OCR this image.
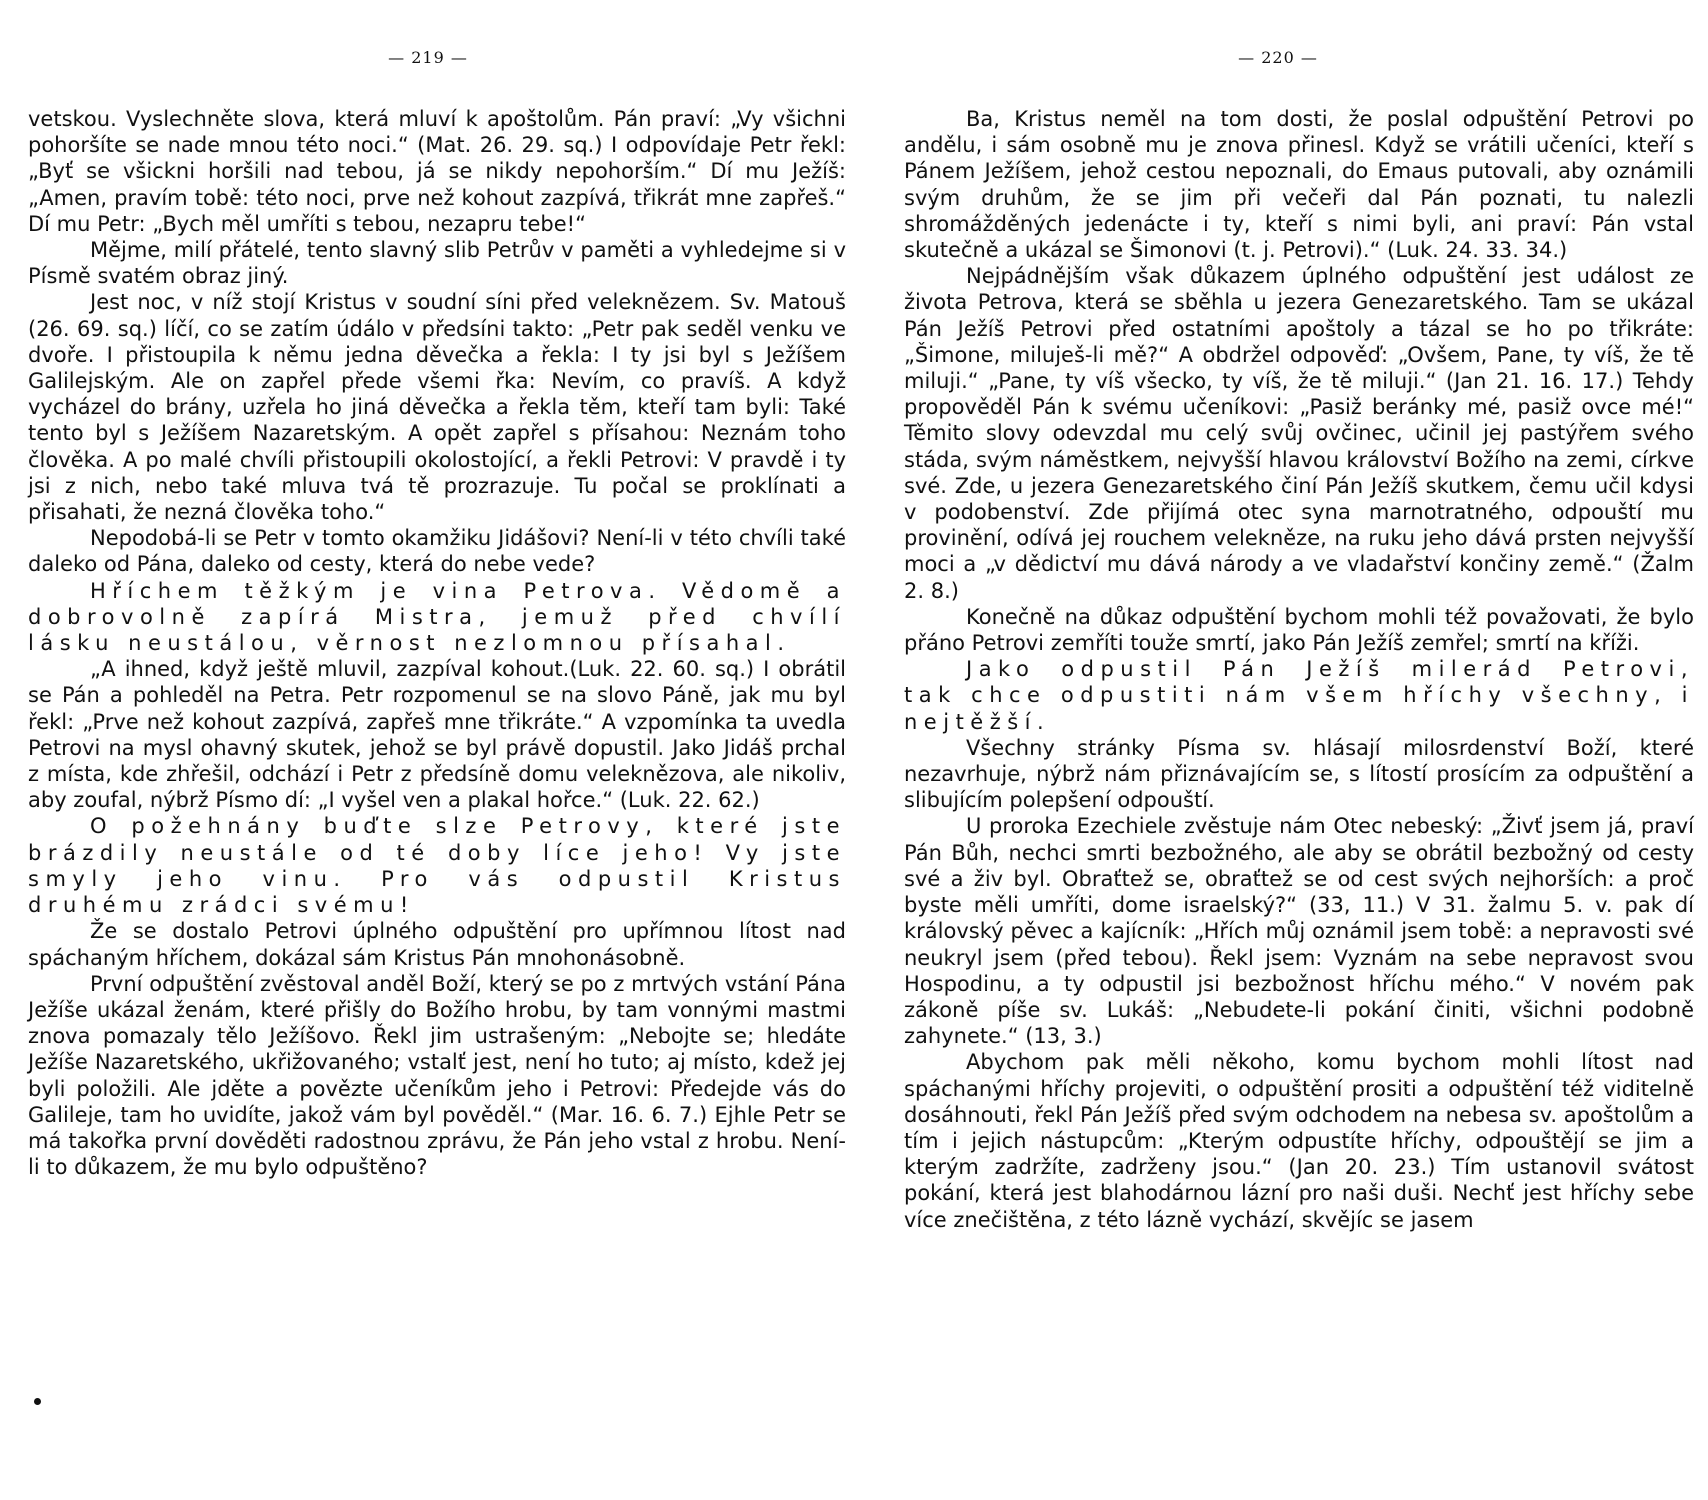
— 219 —

vetskou. Vyslechněte slova, která mluví k apoštolům. Pán praví: „Vy všichni pohoršíte se nade mnou této noci.“ (Mat. 26. 29. sq.) I odpovídaje Petr řekl: „Byť se všickni horšili nad tebou, já se nikdy nepohorším.“ Dí mu Ježíš: „Amen, pravím tobě: této noci, prve než kohout zazpívá, třikrát mne zapřeš.“ Dí mu Petr: „Bych měl umříti s tebou, nezapru tebe!“

Mějme, milí přátelé, tento slavný slib Petrův v paměti a vyhledejme si v Písmě svatém obraz jiný.

Jest noc, v níž stojí Kristus v soudní síni před veleknězem. Sv. Matouš (26. 69. sq.) líčí, co se zatím údálo v předsíni takto: „Petr pak seděl venku ve dvoře. I přistoupila k němu jedna děvečka a řekla: I ty jsi byl s Ježíšem Galilejským. Ale on zapřel přede všemi řka: Nevím, co pravíš. A když vycházel do brány, uzřela ho jiná děvečka a řekla těm, kteří tam byli: Také tento byl s Ježíšem Nazaretským. A opět zapřel s přísahou: Neznám toho člověka. A po malé chvíli přistoupili okolostojící, a řekli Petrovi: V pravdě i ty jsi z nich, nebo také mluva tvá tě prozrazuje. Tu počal se proklínati a přisahati, že nezná člověka toho.“

Nepodobá-li se Petr v tomto okamžiku Jidášovi? Není-li v této chvíli také daleko od Pána, daleko od cesty, která do nebe vede?

Hříchem těžkým je vina Petrova. Vědomě a dobrovolně zapírá Mistra, jemuž před chvílí lásku neustálou, věrnost nezlomnou přísahal.

„A ihned, když ještě mluvil, zazpíval kohout.(Luk. 22. 60. sq.) I obrátil se Pán a pohleděl na Petra. Petr rozpomenul se na slovo Páně, jak mu byl řekl: „Prve než kohout zazpívá, zapřeš mne třikráte.“ A vzpomínka ta uvedla Petrovi na mysl ohavný skutek, jehož se byl právě dopustil. Jako Jidáš prchal z místa, kde zhřešil, odchází i Petr z předsíně domu veleknězova, ale nikoliv, aby zoufal, nýbrž Písmo dí: „I vyšel ven a plakal hořce.“ (Luk. 22. 62.)

O požehnány buďte slze Petrovy, které jste brázdily neustále od té doby líce jeho! Vy jste smyly jeho vinu. Pro vás odpustil Kristus druhému zrádci svému!

Že se dostalo Petrovi úplného odpuštění pro upřímnou lítost nad spáchaným hříchem, dokázal sám Kristus Pán mnohonásobně.

První odpuštění zvěstoval anděl Boží, který se po z mrtvých vstání Pána Ježíše ukázal ženám, které přišly do Božího hrobu, by tam vonnými mastmi znova pomazaly tělo Ježíšovo. Řekl jim ustrašeným: „Nebojte se; hledáte Ježíše Nazaretského, ukřižovaného; vstalť jest, není ho tuto; aj místo, kdež jej byli položili. Ale jděte a povězte učeníkům jeho i Petrovi: Předejde vás do Galileje, tam ho uvidíte, jakož vám byl pověděl.“ (Mar. 16. 6. 7.) Ejhle Petr se má takořka první dověděti radostnou zprávu, že Pán jeho vstal z hrobu. Není-li to důkazem, že mu bylo odpuštěno?

— 220 —

Ba, Kristus neměl na tom dosti, že poslal odpuštění Petrovi po andělu, i sám osobně mu je znova přinesl. Když se vrátili učeníci, kteří s Pánem Ježíšem, jehož cestou nepoznali, do Emaus putovali, aby oznámili svým druhům, že se jim při večeři dal Pán poznati, tu nalezli shromážděných jedenácte i ty, kteří s nimi byli, ani praví: Pán vstal skutečně a ukázal se Šimonovi (t. j. Petrovi).“ (Luk. 24. 33. 34.)

Nejpádnějším však důkazem úplného odpuštění jest událost ze života Petrova, která se sběhla u jezera Genezaretského. Tam se ukázal Pán Ježíš Petrovi před ostatními apoštoly a tázal se ho po třikráte: „Šimone, miluješ-li mě?“ A obdržel odpověď: „Ovšem, Pane, ty víš, že tě miluji.“ „Pane, ty víš všecko, ty víš, že tě miluji.“ (Jan 21. 16. 17.) Tehdy propověděl Pán k svému učeníkovi: „Pasiž beránky mé, pasiž ovce mé!“ Těmito slovy odevzdal mu celý svůj ovčinec, učinil jej pastýřem svého stáda, svým náměstkem, nejvyšší hlavou království Božího na zemi, církve své. Zde, u jezera Genezaretského činí Pán Ježíš skutkem, čemu učil kdysi v podobenství. Zde přijímá otec syna marnotratného, odpouští mu provinění, odívá jej rouchem velekněze, na ruku jeho dává prsten nejvyšší moci a „v dědictví mu dává národy a ve vladařství končiny země.“ (Žalm 2. 8.)

Konečně na důkaz odpuštění bychom mohli též považovati, že bylo přáno Petrovi zemříti touže smrtí, jako Pán Ježíš zemřel; smrtí na kříži.

Jako odpustil Pán Ježíš milerád Petrovi, tak chce odpustiti nám všem hříchy všechny, i nejtěžší.

Všechny stránky Písma sv. hlásají milosrdenství Boží, které nezavrhuje, nýbrž nám přiznávajícím se, s lítostí prosícím za odpuštění a slibujícím polepšení odpouští.

U proroka Ezechiele zvěstuje nám Otec nebeský: „Živť jsem já, praví Pán Bůh, nechci smrti bezbožného, ale aby se obrátil bezbožný od cesty své a živ byl. Obraťtež se, obraťtež se od cest svých nejhorších: a proč byste měli umříti, dome israelský?“ (33, 11.) V 31. žalmu 5. v. pak dí královský pěvec a kajícník: „Hřích můj oznámil jsem tobě: a nepravosti své neukryl jsem (před tebou). Řekl jsem: Vyznám na sebe nepravost svou Hospodinu, a ty odpustil jsi bezbožnost hříchu mého.“ V novém pak zákoně píše sv. Lukáš: „Nebudete-li pokání činiti, všichni podobně zahynete.“ (13, 3.)

Abychom pak měli někoho, komu bychom mohli lítost nad spáchanými hříchy projeviti, o odpuštění prositi a odpuštění též viditelně dosáhnouti, řekl Pán Ježíš před svým odchodem na nebesa sv. apoštolům a tím i jejich nástupcům: „Kterým odpustíte hříchy, odpouštějí se jim a kterým zadržíte, zadrženy jsou.“ (Jan 20. 23.) Tím ustanovil svátost pokání, která jest blahodárnou lázní pro naši duši. Nechť jest hříchy sebe více znečištěna, z této lázně vychází, skvějíc se jasem
